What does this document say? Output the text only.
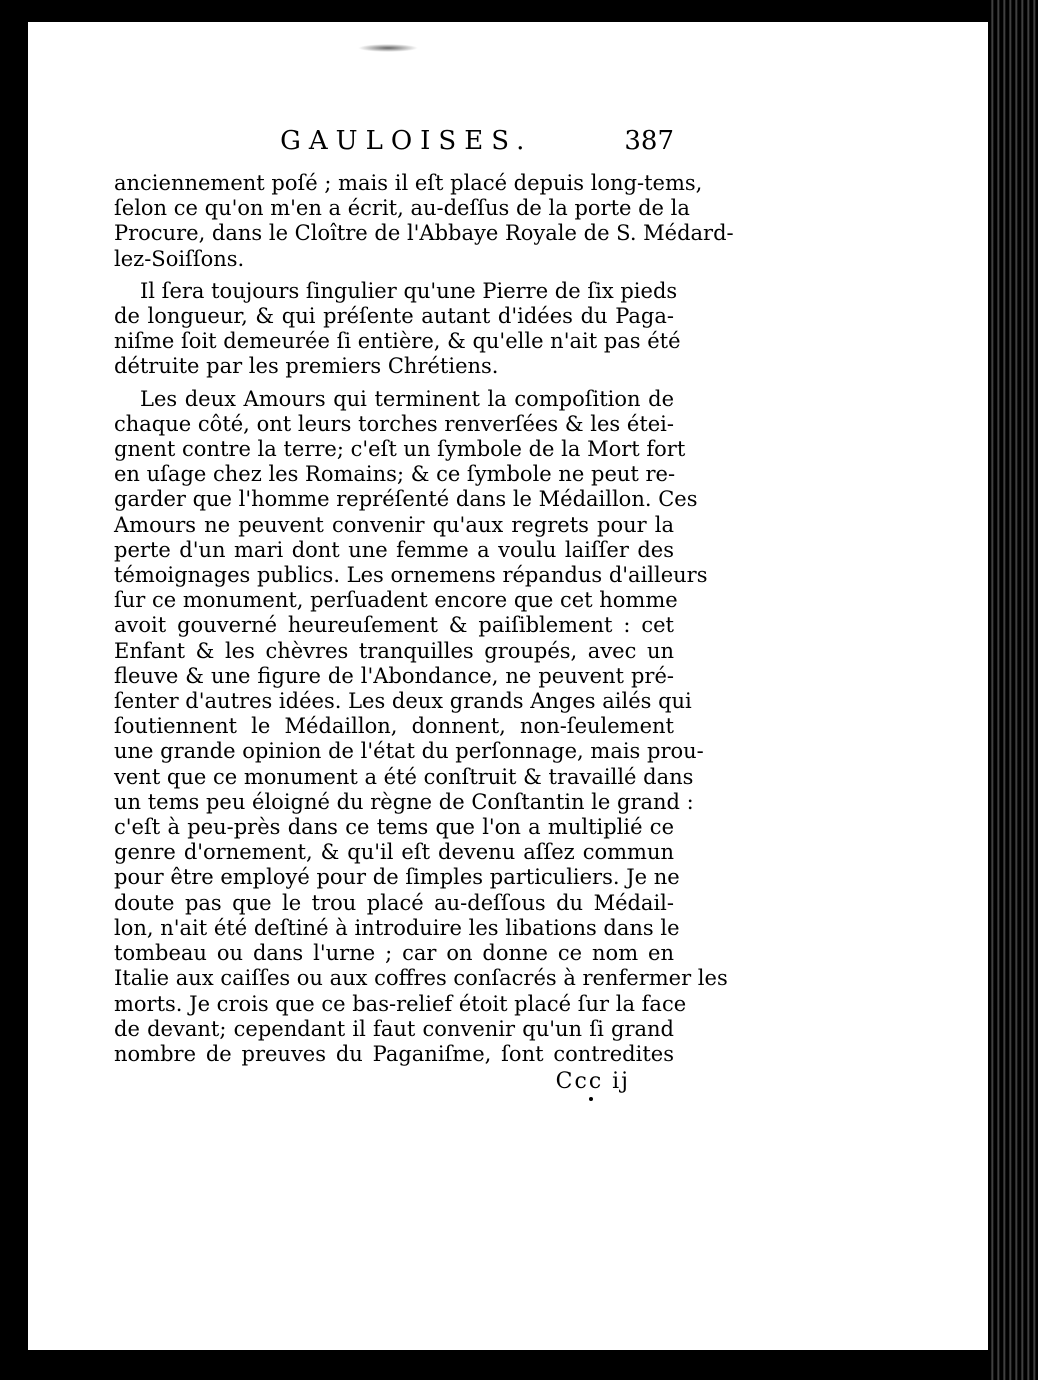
GAULOISES.	387
anciennement poſé ; mais il eſt placé depuis long-tems,
ſelon ce qu'on m'en a écrit, au-deſſus de la porte de la
Procure, dans le Cloître de l'Abbaye Royale de S. Médard-
lez-Soiſſons.
Il ſera toujours ſingulier qu'une Pierre de ſix pieds
de longueur, & qui préſente autant d'idées du Paga-
niſme ſoit demeurée ſi entière, & qu'elle n'ait pas été
détruite par les premiers Chrétiens.
Les deux Amours qui terminent la compoſition de
chaque côté, ont leurs torches renverſées & les étei-
gnent contre la terre; c'eſt un ſymbole de la Mort fort
en uſage chez les Romains; & ce ſymbole ne peut re-
garder que l'homme repréſenté dans le Médaillon. Ces
Amours ne peuvent convenir qu'aux regrets pour la
perte d'un mari dont une femme a voulu laiſſer des
témoignages publics. Les ornemens répandus d'ailleurs
ſur ce monument, perſuadent encore que cet homme
avoit gouverné heureuſement & paiſiblement : cet
Enfant & les chèvres tranquilles groupés, avec un
fleuve & une figure de l'Abondance, ne peuvent pré-
ſenter d'autres idées. Les deux grands Anges ailés qui
ſoutiennent le Médaillon, donnent, non-ſeulement
une grande opinion de l'état du perſonnage, mais prou-
vent que ce monument a été conſtruit & travaillé dans
un tems peu éloigné du règne de Conſtantin le grand :
c'eſt à peu-près dans ce tems que l'on a multiplié ce
genre d'ornement, & qu'il eſt devenu aſſez commun
pour être employé pour de ſimples particuliers. Je ne
doute pas que le trou placé au-deſſous du Médail-
lon, n'ait été deſtiné à introduire les libations dans le
tombeau ou dans l'urne ; car on donne ce nom en
Italie aux caiſſes ou aux coffres conſacrés à renfermer les
morts. Je crois que ce bas-relief étoit placé ſur la face
de devant; cependant il faut convenir qu'un ſi grand
nombre de preuves du Paganiſme, ſont contredites
Ccc ij
